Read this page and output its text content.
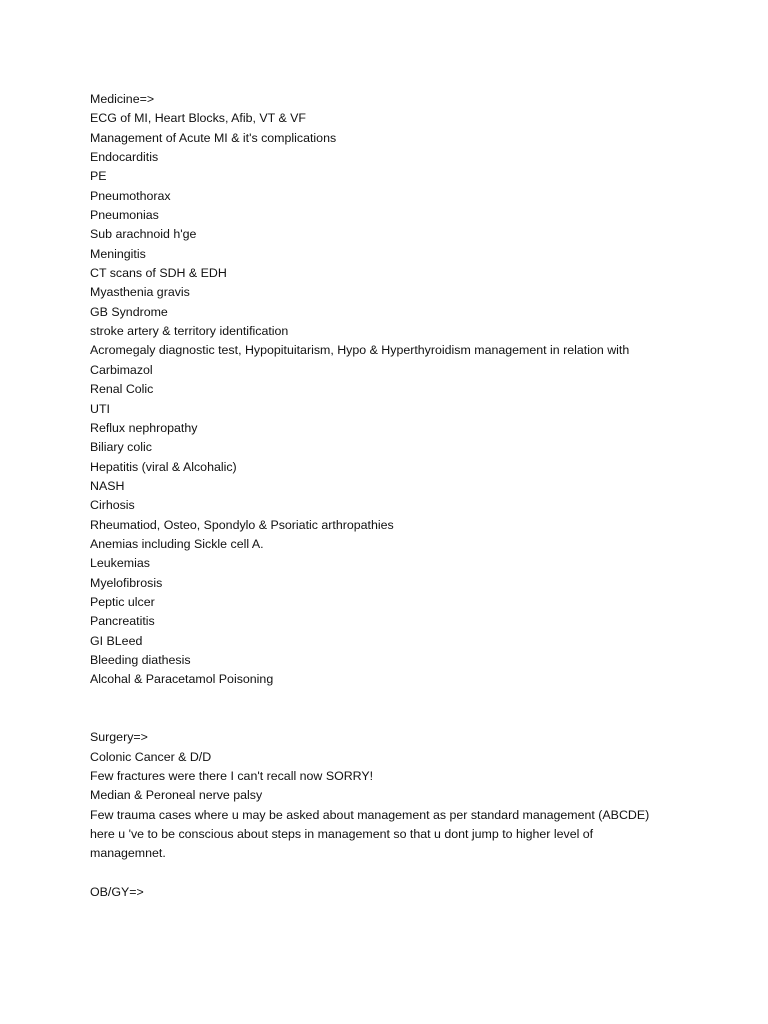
Medicine=>
ECG of MI, Heart Blocks, Afib, VT & VF
Management of Acute MI & it's complications
Endocarditis
PE
Pneumothorax
Pneumonias
Sub arachnoid h'ge
Meningitis
CT scans of SDH & EDH
Myasthenia gravis
GB Syndrome
stroke artery & territory identification
Acromegaly diagnostic test, Hypopituitarism, Hypo & Hyperthyroidism management in relation with
Carbimazol
Renal Colic
UTI
Reflux nephropathy
Biliary colic
Hepatitis (viral & Alcohalic)
NASH
Cirhosis
Rheumatiod, Osteo, Spondylo & Psoriatic arthropathies
Anemias including Sickle cell A.
Leukemias
Myelofibrosis
Peptic ulcer
Pancreatitis
GI BLeed
Bleeding diathesis
Alcohal & Paracetamol Poisoning
Surgery=>
Colonic Cancer & D/D
Few fractures were there I can't recall now SORRY!
Median & Peroneal nerve palsy
Few trauma cases where u may be asked about management as per standard management (ABCDE)
here u 've to be conscious about steps in management so that u dont jump to higher level of
managemnet.
OB/GY=>
